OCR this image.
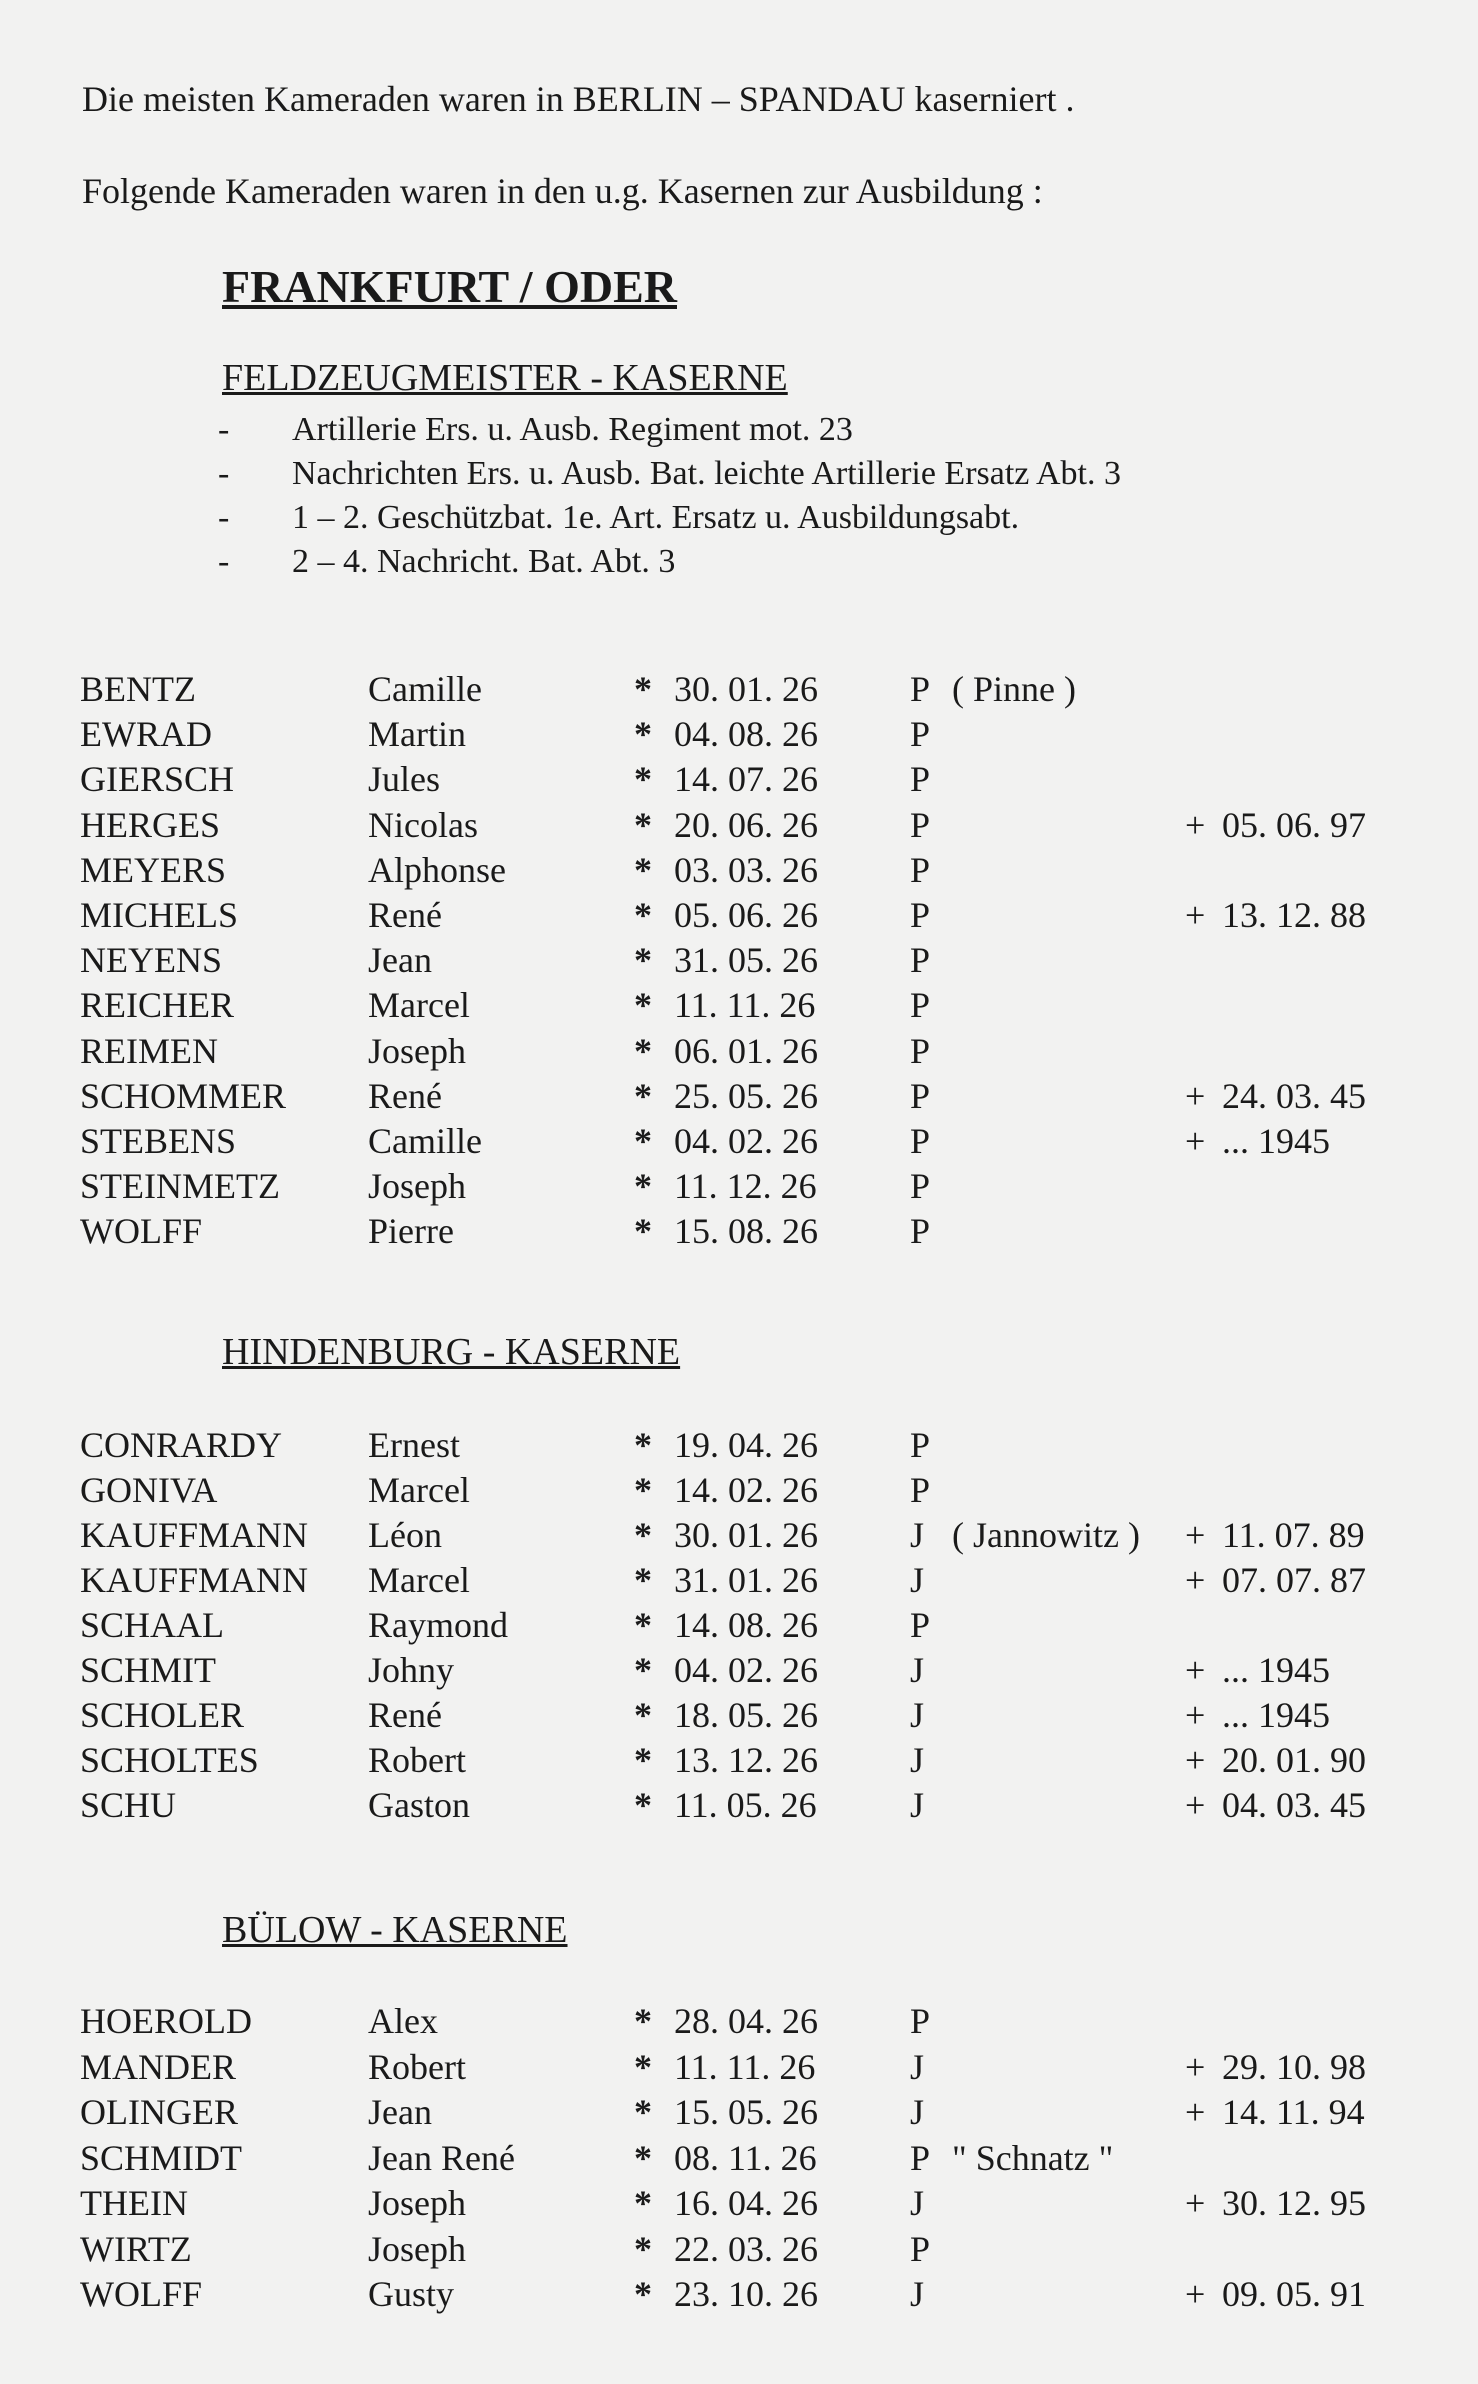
Die meisten Kameraden waren in BERLIN – SPANDAU kaserniert .
Folgende Kameraden waren in den u.g. Kasernen zur Ausbildung :
FRANKFURT / ODER
FELDZEUGMEISTER - KASERNE
-	Artillerie Ers. u. Ausb. Regiment mot. 23
-	Nachrichten Ers. u. Ausb. Bat. leichte Artillerie Ersatz Abt. 3
-	1 – 2. Geschützbat. 1e. Art. Ersatz u. Ausbildungsabt.
-	2 – 4. Nachricht. Bat. Abt. 3
BENTZ	Camille	* 30. 01. 26	P ( Pinne )
EWRAD	Martin	* 04. 08. 26	P
GIERSCH	Jules	* 14. 07. 26	P
HERGES	Nicolas	* 20. 06. 26	P	+ 05. 06. 97
MEYERS	Alphonse	* 03. 03. 26	P
MICHELS	René	* 05. 06. 26	P	+ 13. 12. 88
NEYENS	Jean	* 31. 05. 26	P
REICHER	Marcel	* 11. 11. 26	P
REIMEN	Joseph	* 06. 01. 26	P
SCHOMMER René	* 25. 05. 26	P	+ 24. 03. 45
STEBENS	Camille	* 04. 02. 26	P	+ ... 1945
STEINMETZ Joseph	* 11. 12. 26	P
WOLFF	Pierre	* 15. 08. 26	P
HINDENBURG - KASERNE
CONRARDY Ernest	* 19. 04. 26	P
GONIVA	Marcel	* 14. 02. 26	P
KAUFFMANN Léon	* 30. 01. 26	J ( Jannowitz ) + 11. 07. 89
KAUFFMANN Marcel	* 31. 01. 26	J	+ 07. 07. 87
SCHAAL	Raymond	* 14. 08. 26	P
SCHMIT	Johny	* 04. 02. 26	J	+ ... 1945
SCHOLER	René	* 18. 05. 26	J	+ ... 1945
SCHOLTES	Robert	* 13. 12. 26	J	+ 20. 01. 90
SCHU	Gaston	* 11. 05. 26	J	+ 04. 03. 45
BÜLOW - KASERNE
HOEROLD	Alex	* 28. 04. 26	P
MANDER	Robert	* 11. 11. 26	J	+ 29. 10. 98
OLINGER	Jean	* 15. 05. 26	J	+ 14. 11. 94
SCHMIDT	Jean René	* 08. 11. 26	P " Schnatz "
THEIN	Joseph	* 16. 04. 26	J	+ 30. 12. 95
WIRTZ	Joseph	* 22. 03. 26	P
WOLFF	Gusty	* 23. 10. 26	J	+ 09. 05. 91
